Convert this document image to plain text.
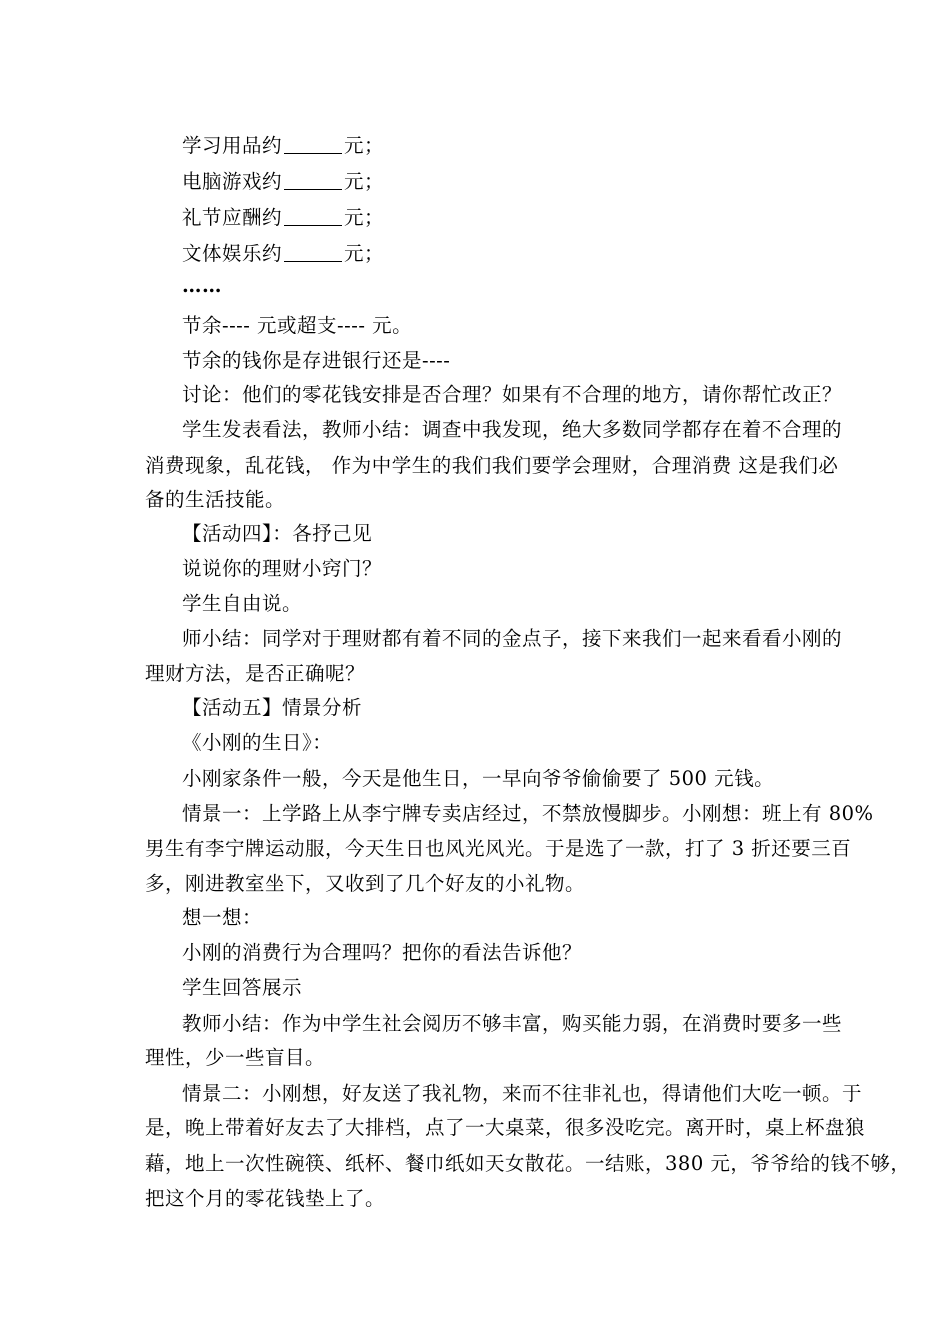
学习用品约	元；
电脑游戏约	元；
礼节应酬约	元；
文体娱乐约	元；
……
节余---- 元或超支---- 元。
节余的钱你是存进银行还是----
讨论：他们的零花钱安排是否合理？如果有不合理的地方，请你帮忙改正？
学生发表看法，教师小结：调查中我发现，绝大多数同学都存在着不合理的
消费现象，乱花钱， 作为中学生的我们我们要学会理财，合理消费 这是我们必
备的生活技能。
【活动四】：各抒己见
说说你的理财小窍门？
学生自由说。
师小结：同学对于理财都有着不同的金点子，接下来我们一起来看看小刚的
理财方法，是否正确呢？
【活动五】情景分析
《小刚的生日》：
小刚家条件一般，今天是他生日，一早向爷爷偷偷要了 500 元钱。
情景一：上学路上从李宁牌专卖店经过，不禁放慢脚步。小刚想：班上有 80%
男生有李宁牌运动服，今天生日也风光风光。于是选了一款，打了 3 折还要三百
多，刚进教室坐下，又收到了几个好友的小礼物。
想一想：
小刚的消费行为合理吗？把你的看法告诉他？
学生回答展示
教师小结：作为中学生社会阅历不够丰富，购买能力弱，在消费时要多一些
理性，少一些盲目。
情景二：小刚想，好友送了我礼物，来而不往非礼也，得请他们大吃一顿。于
是，晚上带着好友去了大排档，点了一大桌菜，很多没吃完。离开时，桌上杯盘狼
藉，地上一次性碗筷、纸杯、餐巾纸如天女散花。一结账，380 元，爷爷给的钱不够，
把这个月的零花钱垫上了。
